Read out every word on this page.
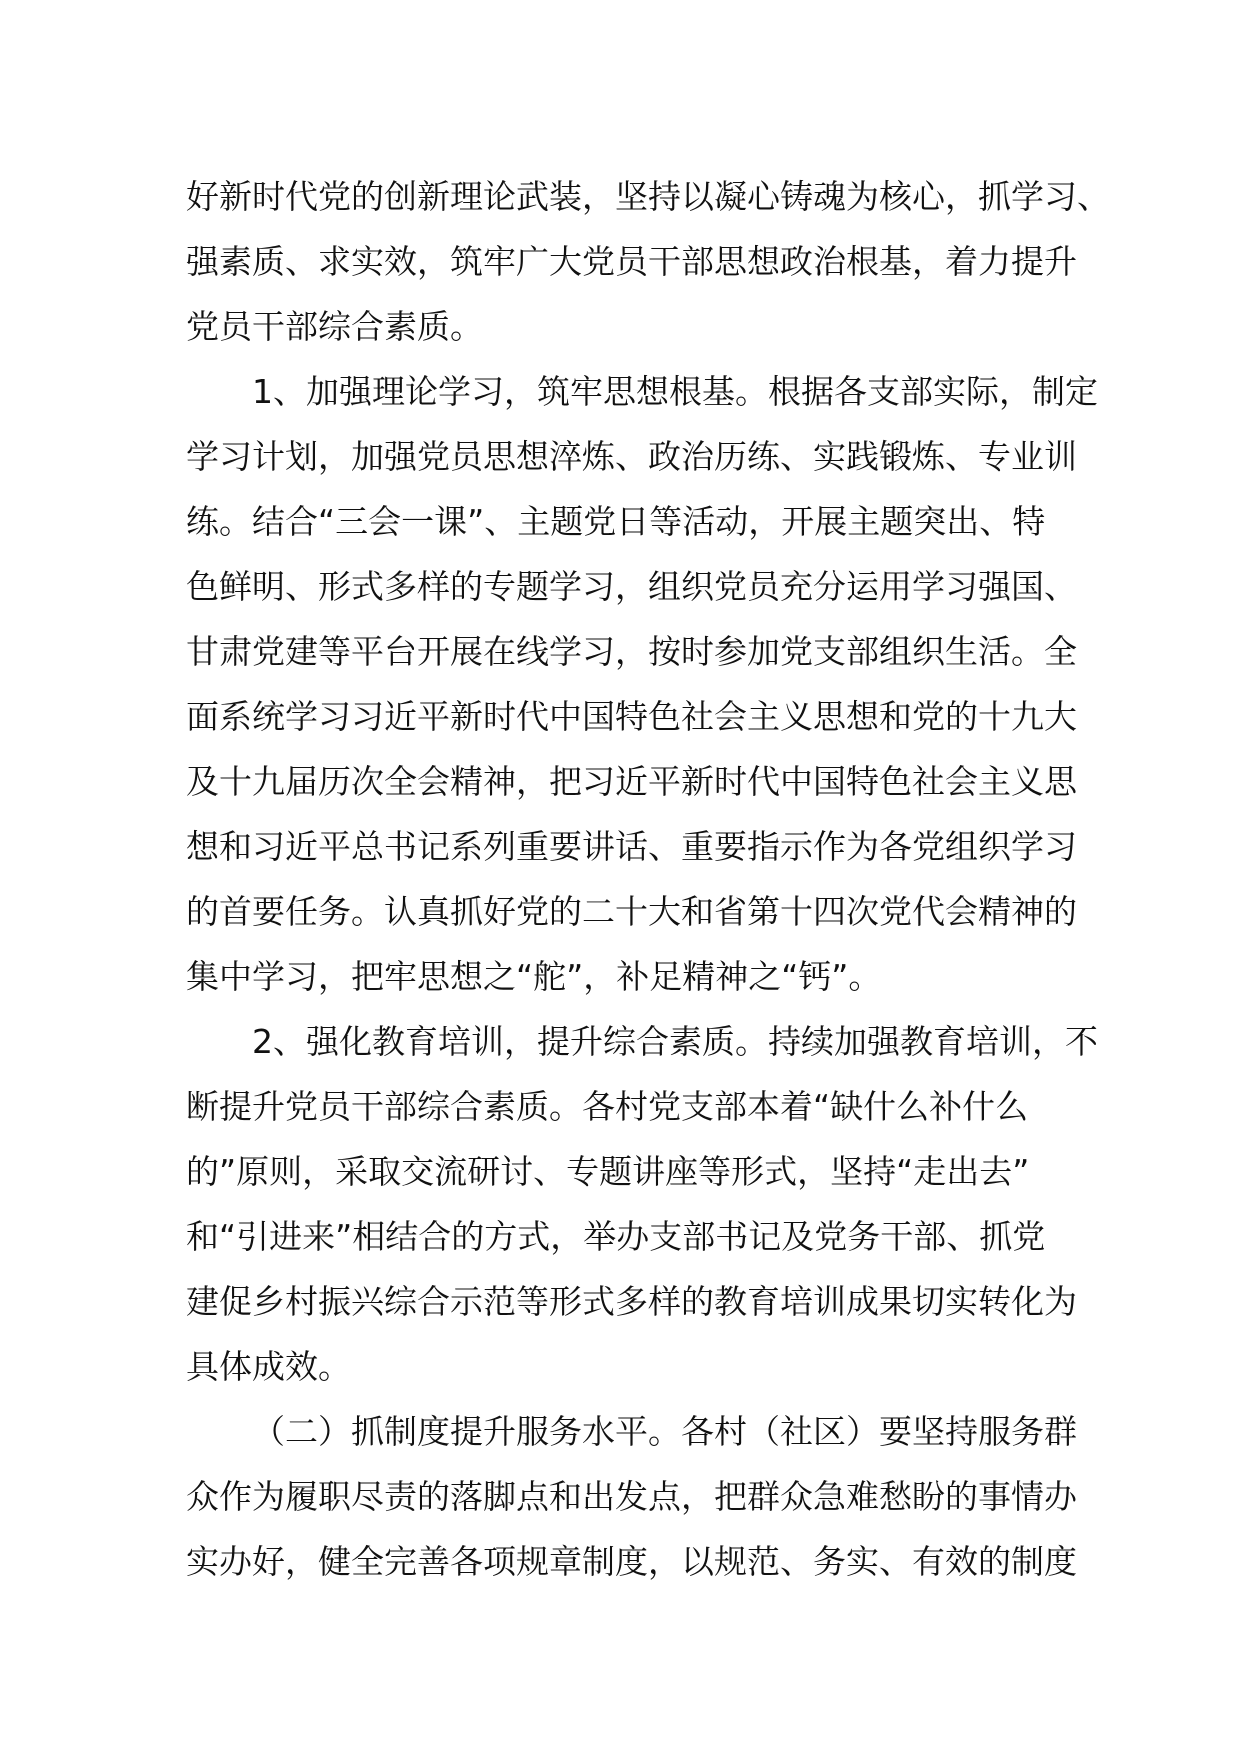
好新时代党的创新理论武装，坚持以凝心铸魂为核心，抓学习、
强素质、求实效，筑牢广大党员干部思想政治根基，着力提升
党员干部综合素质。

1、加强理论学习，筑牢思想根基。根据各支部实际，制定
学习计划，加强党员思想淬炼、政治历练、实践锻炼、专业训
练。结合“三会一课”、主题党日等活动，开展主题突出、特
色鲜明、形式多样的专题学习，组织党员充分运用学习强国、
甘肃党建等平台开展在线学习，按时参加党支部组织生活。全
面系统学习习近平新时代中国特色社会主义思想和党的十九大
及十九届历次全会精神，把习近平新时代中国特色社会主义思
想和习近平总书记系列重要讲话、重要指示作为各党组织学习
的首要任务。认真抓好党的二十大和省第十四次党代会精神的
集中学习，把牢思想之“舵”，补足精神之“钙”。

2、强化教育培训，提升综合素质。持续加强教育培训，不
断提升党员干部综合素质。各村党支部本着“缺什么补什么
的”原则，采取交流研讨、专题讲座等形式，坚持“走出去”
和“引进来”相结合的方式，举办支部书记及党务干部、抓党
建促乡村振兴综合示范等形式多样的教育培训成果切实转化为
具体成效。

（二）抓制度提升服务水平。各村（社区）要坚持服务群
众作为履职尽责的落脚点和出发点，把群众急难愁盼的事情办
实办好，健全完善各项规章制度，以规范、务实、有效的制度
